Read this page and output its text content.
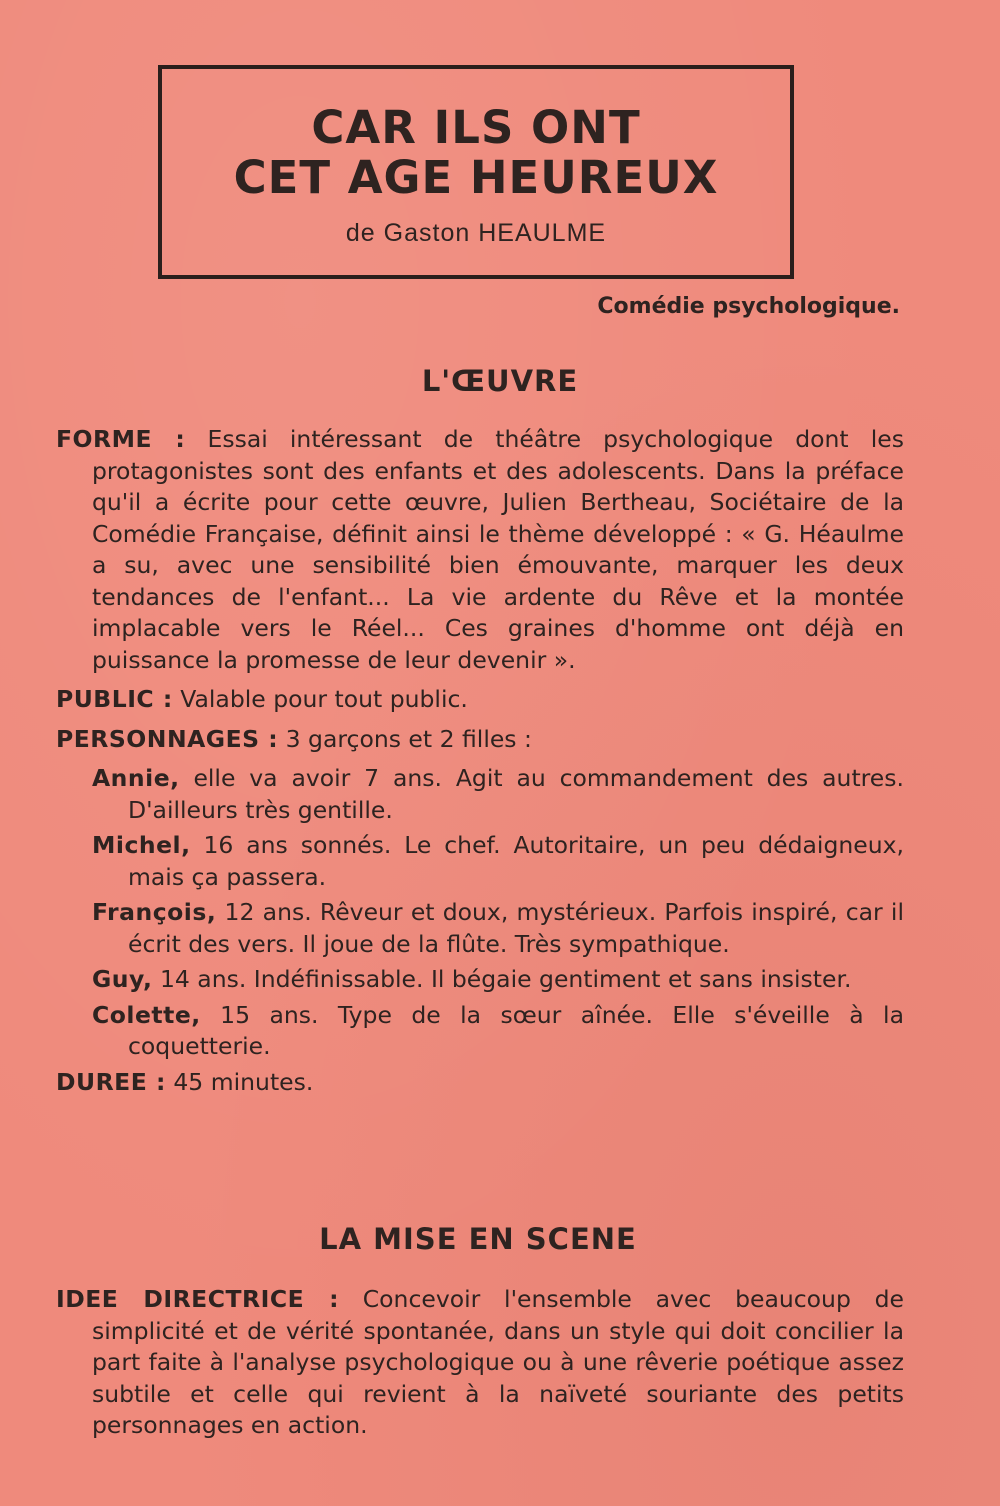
CAR ILS ONT
CET AGE HEUREUX
de Gaston HEAULME
Comédie psychologique.
L'ŒUVRE
FORME : Essai intéressant de théâtre psychologique dont les protagonistes sont des enfants et des adolescents. Dans la préface qu'il a écrite pour cette œuvre, Julien Bertheau, Sociétaire de la Comédie Française, définit ainsi le thème développé : « G. Héaulme a su, avec une sensibilité bien émouvante, marquer les deux tendances de l'enfant... La vie ardente du Rêve et la montée implacable vers le Réel... Ces graines d'homme ont déjà en puissance la promesse de leur devenir ».
PUBLIC : Valable pour tout public.
PERSONNAGES : 3 garçons et 2 filles :
Annie, elle va avoir 7 ans. Agit au commandement des autres. D'ailleurs très gentille.
Michel, 16 ans sonnés. Le chef. Autoritaire, un peu dédaigneux, mais ça passera.
François, 12 ans. Rêveur et doux, mystérieux. Parfois inspiré, car il écrit des vers. Il joue de la flûte. Très sympathique.
Guy, 14 ans. Indéfinissable. Il bégaie gentiment et sans insister.
Colette, 15 ans. Type de la sœur aînée. Elle s'éveille à la coquetterie.
DUREE : 45 minutes.
LA MISE EN SCENE
IDEE DIRECTRICE : Concevoir l'ensemble avec beaucoup de simplicité et de vérité spontanée, dans un style qui doit concilier la part faite à l'analyse psychologique ou à une rêverie poétique assez subtile et celle qui revient à la naïveté souriante des petits personnages en action.
